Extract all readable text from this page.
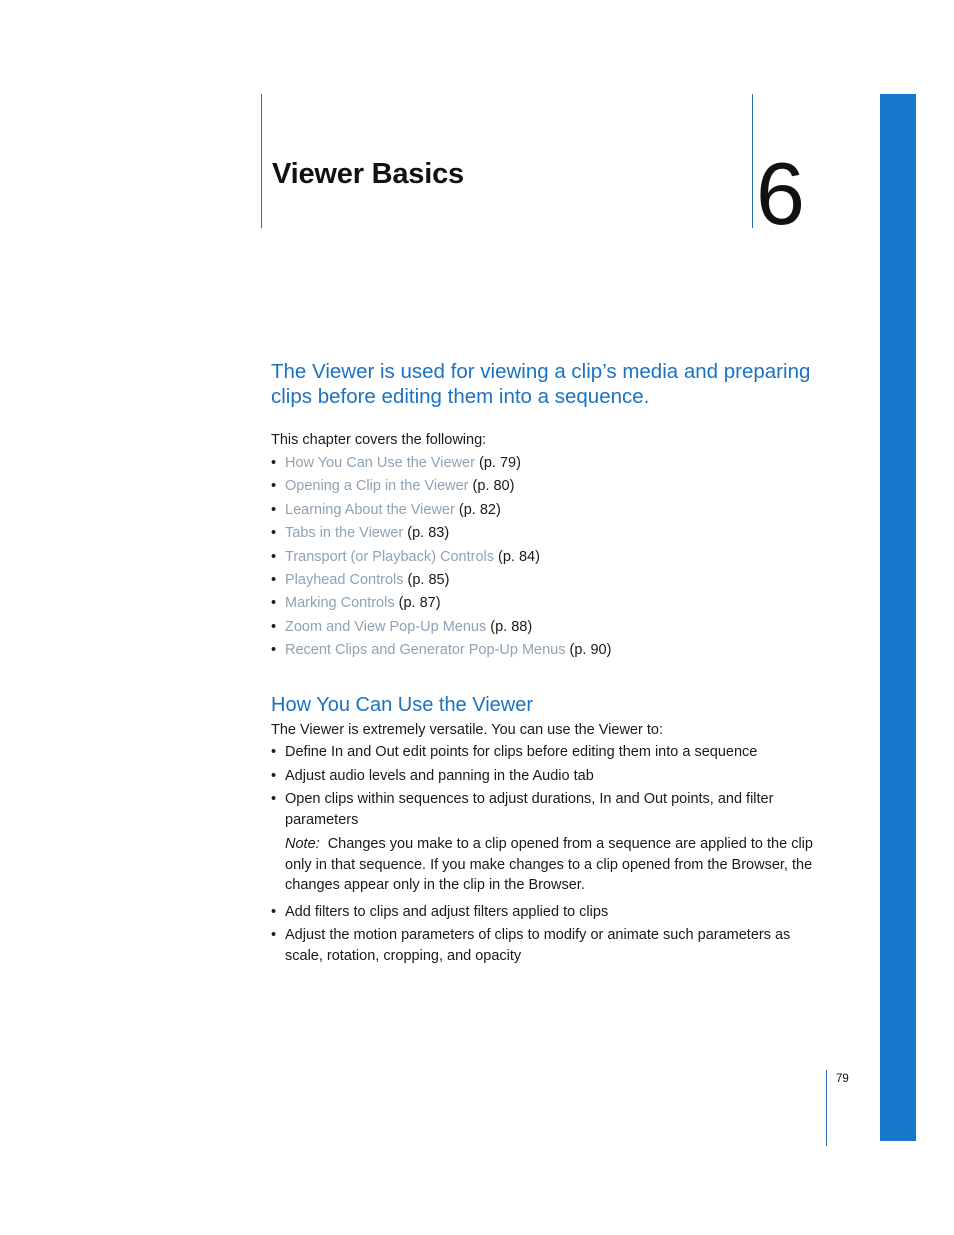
Viewer Basics	6
The Viewer is used for viewing a clip’s media and preparing clips before editing them into a sequence.
This chapter covers the following:
• How You Can Use the Viewer (p. 79)
• Opening a Clip in the Viewer (p. 80)
• Learning About the Viewer (p. 82)
• Tabs in the Viewer (p. 83)
• Transport (or Playback) Controls (p. 84)
• Playhead Controls (p. 85)
• Marking Controls (p. 87)
• Zoom and View Pop-Up Menus (p. 88)
• Recent Clips and Generator Pop-Up Menus (p. 90)
How You Can Use the Viewer
The Viewer is extremely versatile. You can use the Viewer to:
• Define In and Out edit points for clips before editing them into a sequence
• Adjust audio levels and panning in the Audio tab
• Open clips within sequences to adjust durations, In and Out points, and filter parameters
Note: Changes you make to a clip opened from a sequence are applied to the clip only in that sequence. If you make changes to a clip opened from the Browser, the changes appear only in the clip in the Browser.
• Add filters to clips and adjust filters applied to clips
• Adjust the motion parameters of clips to modify or animate such parameters as scale, rotation, cropping, and opacity
79
